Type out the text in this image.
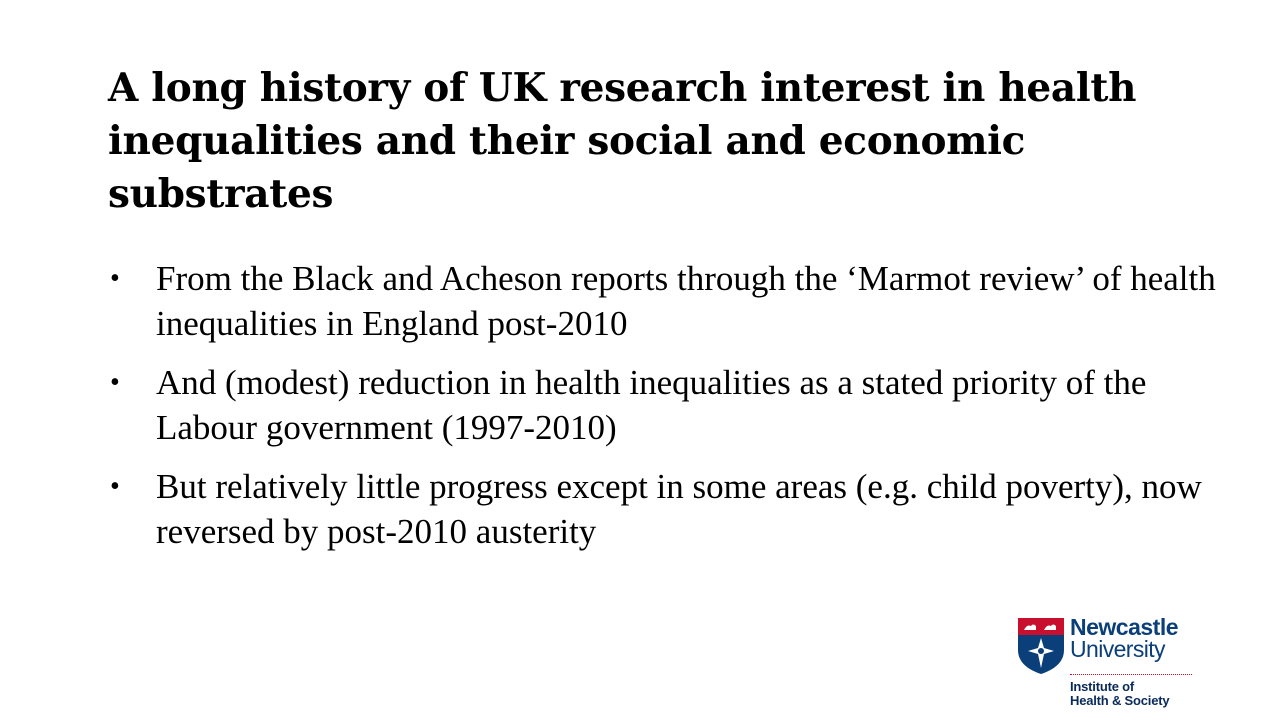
A long history of UK research interest in health inequalities and their social and economic substrates
• From the Black and Acheson reports through the ‘Marmot review’ of health inequalities in England post-2010
• And (modest) reduction in health inequalities as a stated priority of the Labour government (1997-2010)
• But relatively little progress except in some areas (e.g. child poverty), now reversed by post-2010 austerity
Newcastle
University
Institute of
Health & Society
